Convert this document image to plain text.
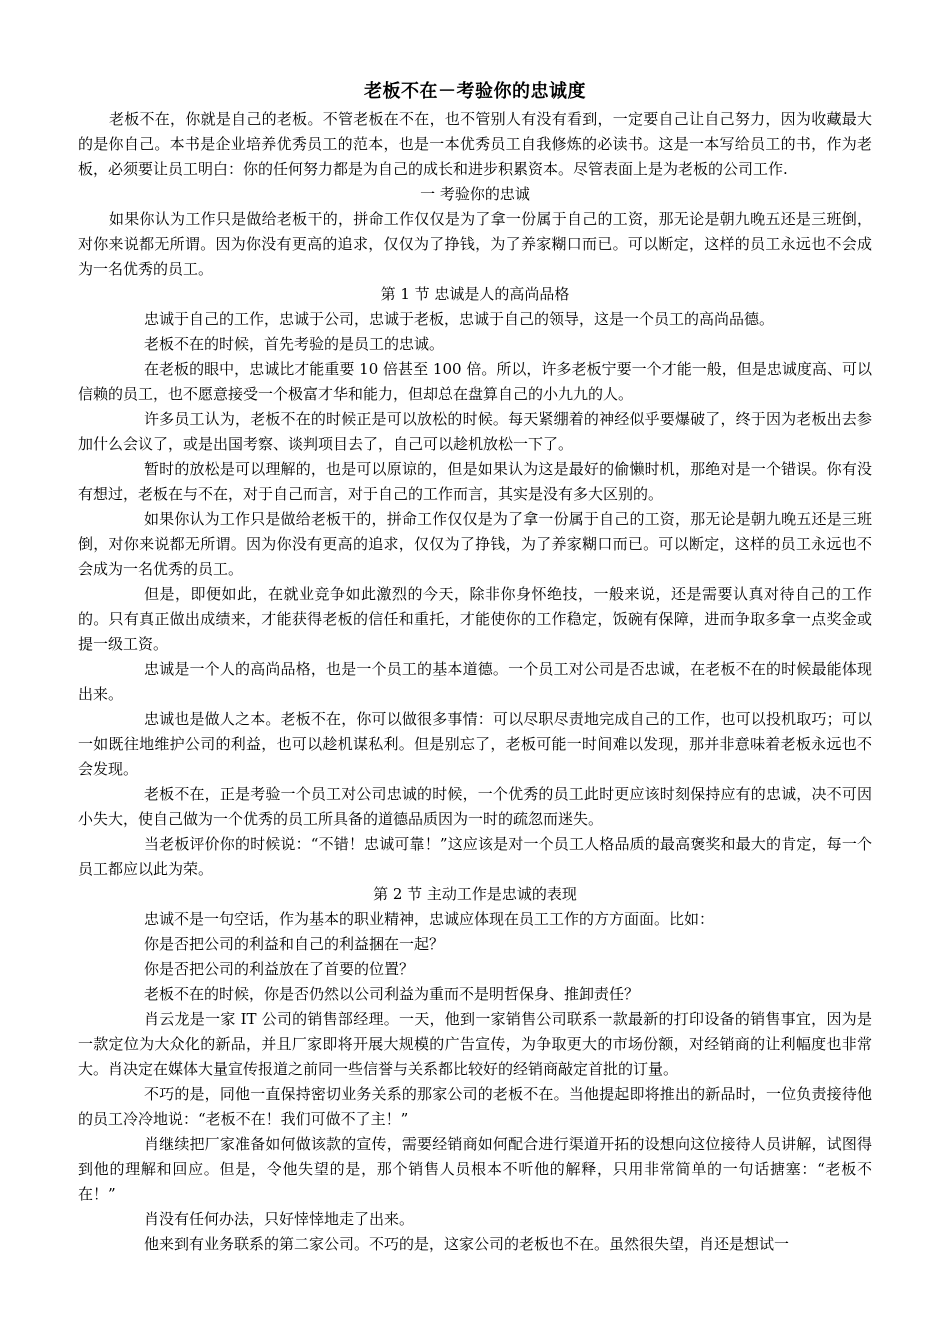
老板不在－考验你的忠诚度

老板不在，你就是自己的老板。不管老板在不在，也不管别人有没有看到，一定要自己让自己努力，因为收藏最大的是你自己。本书是企业培养优秀员工的范本，也是一本优秀员工自我修炼的必读书。这是一本写给员工的书，作为老板，必须要让员工明白：你的任何努力都是为自己的成长和进步积累资本。尽管表面上是为老板的公司工作.

一 考验你的忠诚

如果你认为工作只是做给老板干的，拼命工作仅仅是为了拿一份属于自己的工资，那无论是朝九晚五还是三班倒，对你来说都无所谓。因为你没有更高的追求，仅仅为了挣钱，为了养家糊口而已。可以断定，这样的员工永远也不会成为一名优秀的员工。

第 1 节 忠诚是人的高尚品格

忠诚于自己的工作，忠诚于公司，忠诚于老板，忠诚于自己的领导，这是一个员工的高尚品德。

老板不在的时候，首先考验的是员工的忠诚。

在老板的眼中，忠诚比才能重要 10 倍甚至 100 倍。所以，许多老板宁要一个才能一般，但是忠诚度高、可以信赖的员工，也不愿意接受一个极富才华和能力，但却总在盘算自己的小九九的人。

许多员工认为，老板不在的时候正是可以放松的时候。每天紧绷着的神经似乎要爆破了，终于因为老板出去参加什么会议了，或是出国考察、谈判项目去了，自己可以趁机放松一下了。

暂时的放松是可以理解的，也是可以原谅的，但是如果认为这是最好的偷懒时机，那绝对是一个错误。你有没有想过，老板在与不在，对于自己而言，对于自己的工作而言，其实是没有多大区别的。

如果你认为工作只是做给老板干的，拼命工作仅仅是为了拿一份属于自己的工资，那无论是朝九晚五还是三班倒，对你来说都无所谓。因为你没有更高的追求，仅仅为了挣钱，为了养家糊口而已。可以断定，这样的员工永远也不会成为一名优秀的员工。

但是，即便如此，在就业竞争如此激烈的今天，除非你身怀绝技，一般来说，还是需要认真对待自己的工作的。只有真正做出成绩来，才能获得老板的信任和重托，才能使你的工作稳定，饭碗有保障，进而争取多拿一点奖金或提一级工资。

忠诚是一个人的高尚品格，也是一个员工的基本道德。一个员工对公司是否忠诚，在老板不在的时候最能体现出来。

忠诚也是做人之本。老板不在，你可以做很多事情：可以尽职尽责地完成自己的工作，也可以投机取巧；可以一如既往地维护公司的利益，也可以趁机谋私利。但是别忘了，老板可能一时间难以发现，那并非意味着老板永远也不会发现。

老板不在，正是考验一个员工对公司忠诚的时候，一个优秀的员工此时更应该时刻保持应有的忠诚，决不可因小失大，使自己做为一个优秀的员工所具备的道德品质因为一时的疏忽而迷失。

当老板评价你的时候说：“不错！忠诚可靠！”这应该是对一个员工人格品质的最高褒奖和最大的肯定，每一个员工都应以此为荣。

第 2 节 主动工作是忠诚的表现

忠诚不是一句空话，作为基本的职业精神，忠诚应体现在员工工作的方方面面。比如：

你是否把公司的利益和自己的利益捆在一起？

你是否把公司的利益放在了首要的位置？

老板不在的时候，你是否仍然以公司利益为重而不是明哲保身、推卸责任？

肖云龙是一家 IT 公司的销售部经理。一天，他到一家销售公司联系一款最新的打印设备的销售事宜，因为是一款定位为大众化的新品，并且厂家即将开展大规模的广告宣传，为争取更大的市场份额，对经销商的让利幅度也非常大。肖决定在媒体大量宣传报道之前同一些信誉与关系都比较好的经销商敲定首批的订量。

不巧的是，同他一直保持密切业务关系的那家公司的老板不在。当他提起即将推出的新品时，一位负责接待他的员工冷冷地说：“老板不在！我们可做不了主！”

肖继续把厂家准备如何做该款的宣传，需要经销商如何配合进行渠道开拓的设想向这位接待人员讲解，试图得到他的理解和回应。但是，令他失望的是，那个销售人员根本不听他的解释，只用非常简单的一句话搪塞：“老板不在！”

肖没有任何办法，只好悻悻地走了出来。

他来到有业务联系的第二家公司。不巧的是，这家公司的老板也不在。虽然很失望，肖还是想试一
